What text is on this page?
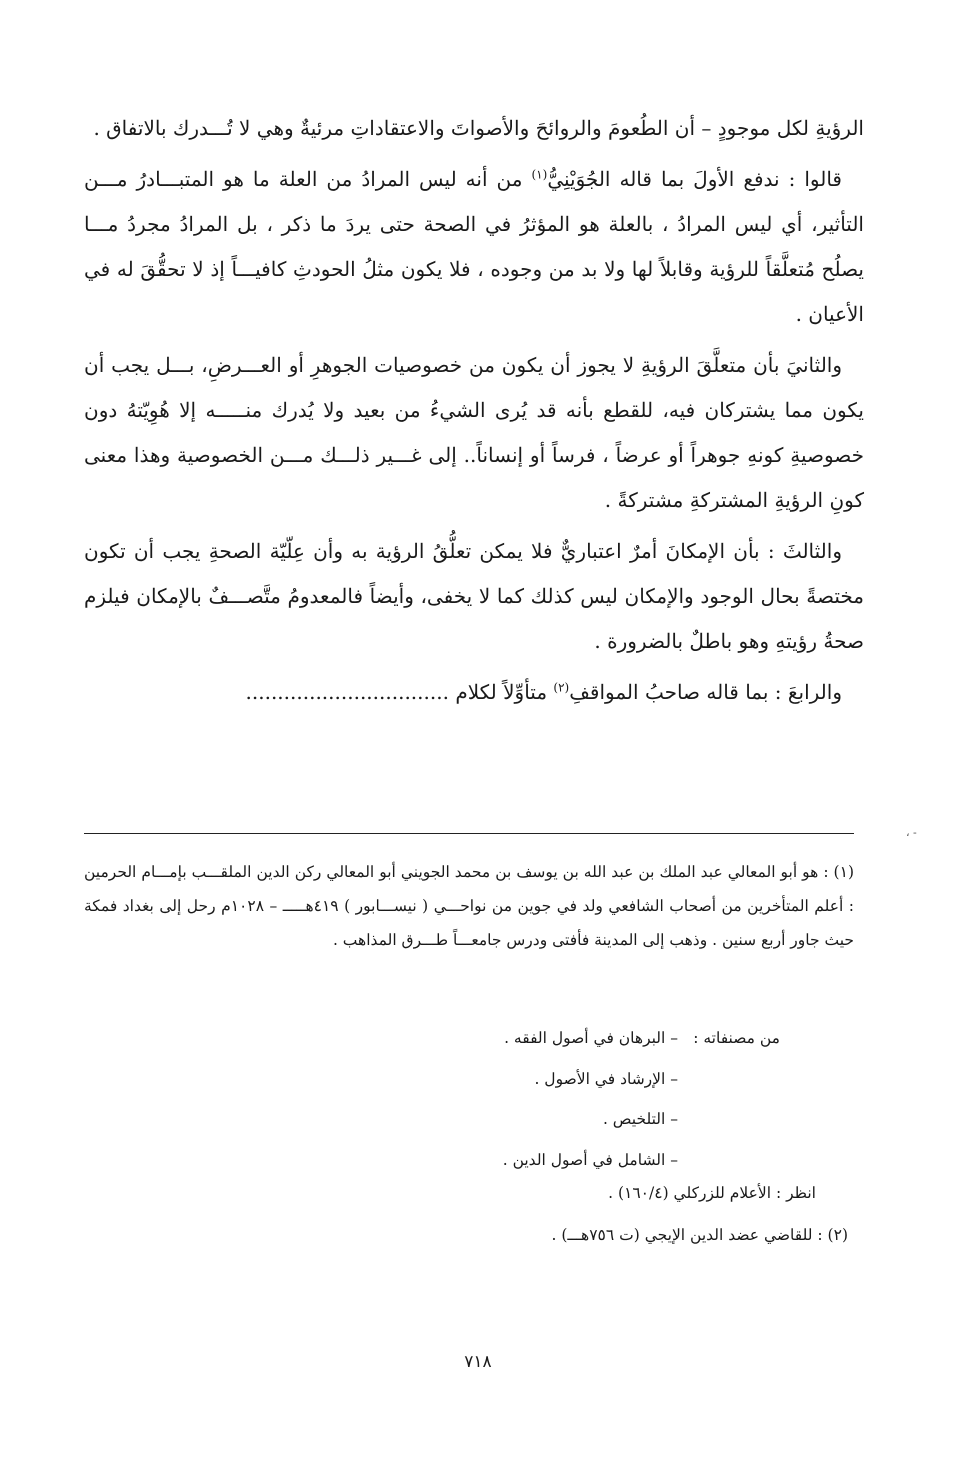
الرؤيةِ لكل موجودٍ – أن الطُعومَ والروائحَ والأصواتَ والاعتقاداتِ مرئيةٌ وهي لا تُـــدرك بالاتفاق .

قالوا : ندفع الأولَ بما قاله الجُوَيْنِيُّ$^{(١)}$ من أنه ليس المرادُ من العلة ما هو المتبـــادرُ مـــن التأثير، أي ليس المرادُ ، بالعلة هو المؤثرُ في الصحة حتى يردَ ما ذكر ، بل المرادُ مجردُ مـــا يصلُح مُتعلَّقاً للرؤية وقابلاً لها ولا بد من وجوده ، فلا يكون مثلُ الحودثِ كافيـــاً إذ لا تحقُّقَ له في الأعيان .

والثانيَ بأن متعلَّقَ الرؤيةِ لا يجوز أن يكون من خصوصيات الجوهرِ أو العـــرضِ، بـــل يجب أن يكون مما يشتركان فيه، للقطع بأنه قد يُرى الشيءُ من بعيد ولا يُدرك منـــــه إلا هُوِيّتهُ دون خصوصيةِ كونهِ جوهراً أو عرضاً ، فرساً أو إنساناً.. إلى غـــير ذلـــك مـــن الخصوصية وهذا معنى كونِ الرؤيةِ المشتركةِ مشتركةً .

والثالثَ : بأن الإمكانَ أمرٌ اعتباريٌّ فلا يمكن تعلُّقُ الرؤية به وأن عِلّيّة الصحةِ يجب أن تكون مختصةً بحال الوجود والإمكان ليس كذلك كما لا يخفى، وأيضاً فالمعدومُ متَّصـــفٌ بالإمكان فيلزم صحةُ رؤيتهِ وهو باطلٌ بالضرورة .

والرابعَ : بما قاله صاحبُ المواقفِ$^{(٢)}$ متأوِّلاً لكلام ................................

، ‐

(١) : هو أبو المعالي عبد الملك بن عبد الله بن يوسف بن محمد الجويني أبو المعالي ركن الدين الملقـــب بإمـــام الحرمين : أعلم المتأخرين من أصحاب الشافعي ولد في جوين من نواحـــي ( نيســـابور ) ٤١٩هـــــ – ١٠٢٨م رحل إلى بغداد فمكة حيث جاور أربع سنين . وذهب إلى المدينة فأفتى ودرس جامعـــاً طـــرق المذاهب .

من مصنفاته :
– البرهان في أصول الفقه .
– الإرشاد في الأصول .
– التلخيص .
– الشامل في أصول الدين .
انظر : الأعلام للزركلي (١٦٠/٤) .
(٢) : للقاضي عضد الدين الإيجي (ت ٧٥٦هـــ) .
٧١٨
